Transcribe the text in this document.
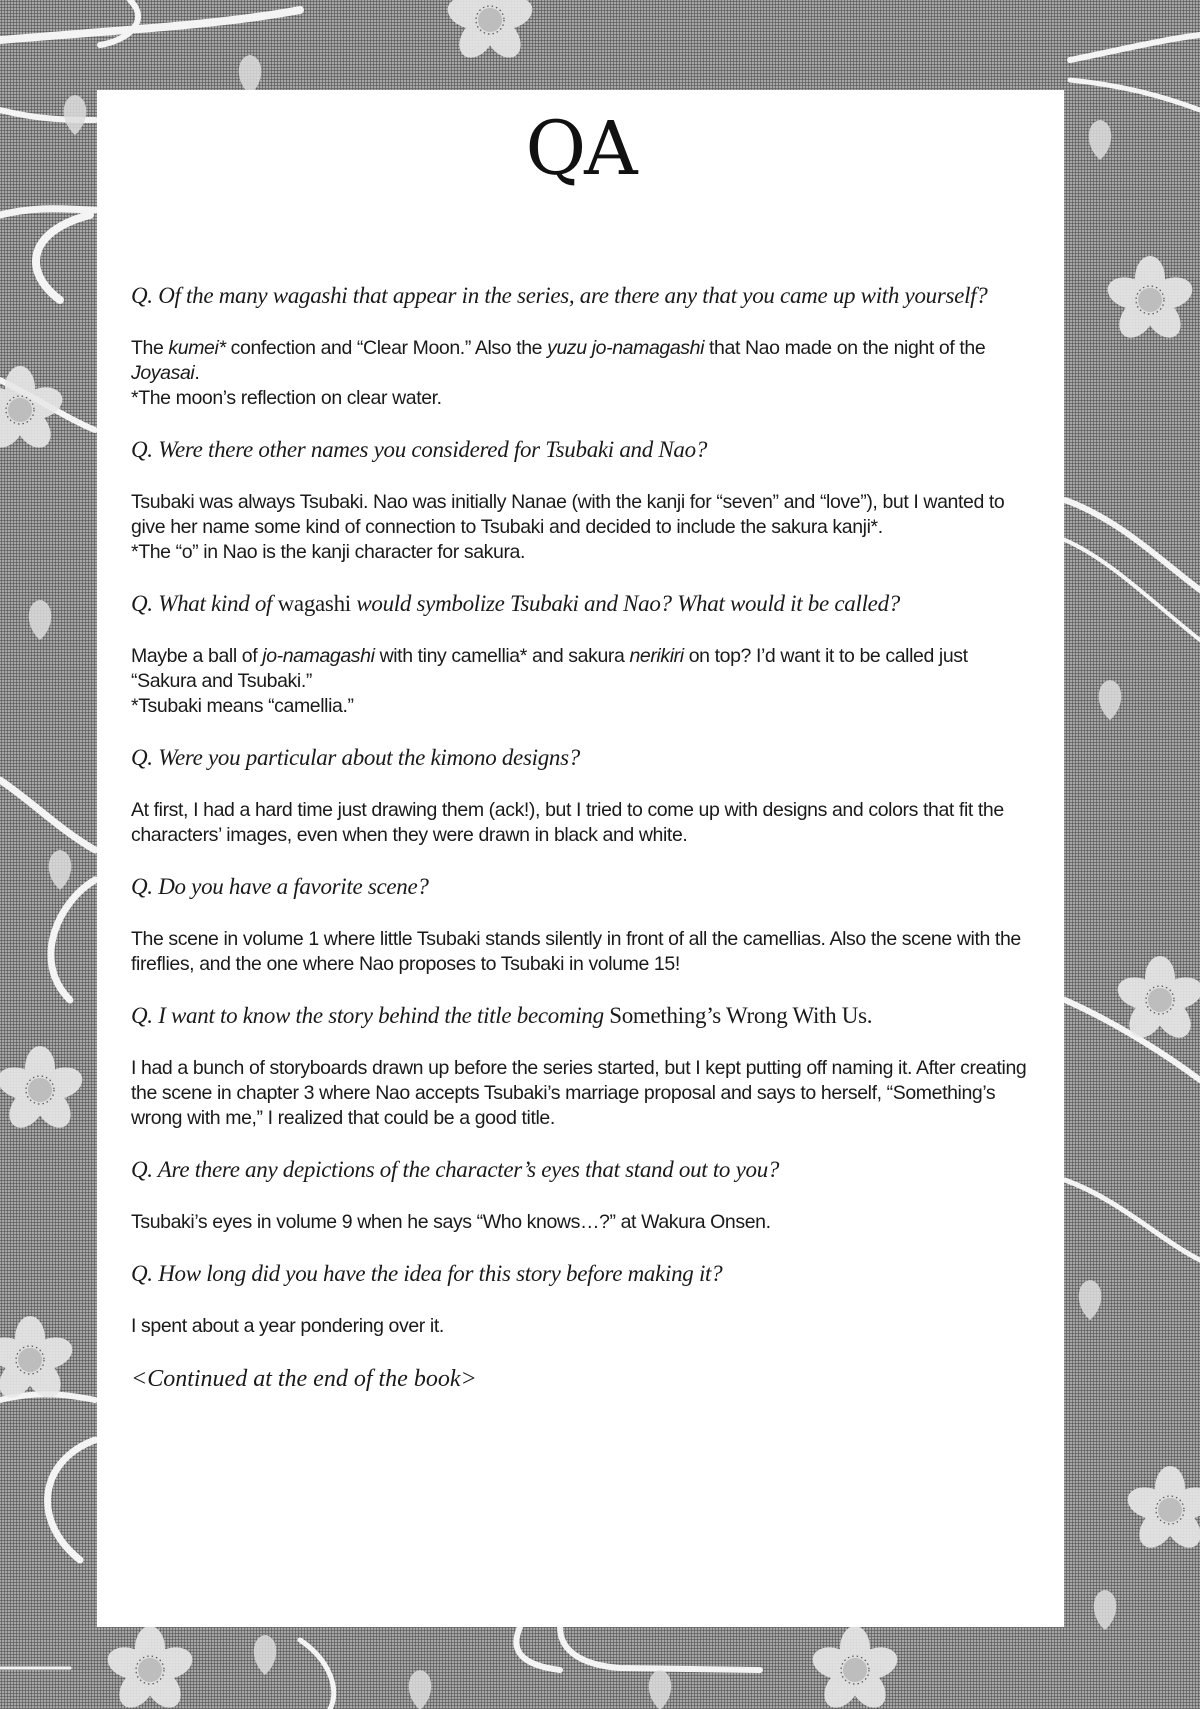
QA

Q. Of the many wagashi that appear in the series, are there any that you came up with yourself?

The kumei* confection and “Clear Moon.” Also the yuzu jo-namagashi that Nao made on the night of the Joyasai.
*The moon’s reflection on clear water.

Q. Were there other names you considered for Tsubaki and Nao?

Tsubaki was always Tsubaki. Nao was initially Nanae (with the kanji for “seven” and “love”), but I wanted to give her name some kind of connection to Tsubaki and decided to include the sakura kanji*.
*The “o” in Nao is the kanji character for sakura.

Q. What kind of wagashi would symbolize Tsubaki and Nao? What would it be called?

Maybe a ball of jo-namagashi with tiny camellia* and sakura nerikiri on top? I’d want it to be called just “Sakura and Tsubaki.”
*Tsubaki means “camellia.”

Q. Were you particular about the kimono designs?

At first, I had a hard time just drawing them (ack!), but I tried to come up with designs and colors that fit the characters’ images, even when they were drawn in black and white.

Q. Do you have a favorite scene?

The scene in volume 1 where little Tsubaki stands silently in front of all the camellias. Also the scene with the fireflies, and the one where Nao proposes to Tsubaki in volume 15!

Q. I want to know the story behind the title becoming Something’s Wrong With Us.

I had a bunch of storyboards drawn up before the series started, but I kept putting off naming it. After creating the scene in chapter 3 where Nao accepts Tsubaki’s marriage proposal and says to herself, “Something’s wrong with me,” I realized that could be a good title.

Q. Are there any depictions of the character’s eyes that stand out to you?

Tsubaki’s eyes in volume 9 when he says “Who knows…?” at Wakura Onsen.

Q. How long did you have the idea for this story before making it?

I spent about a year pondering over it.

<Continued at the end of the book>
